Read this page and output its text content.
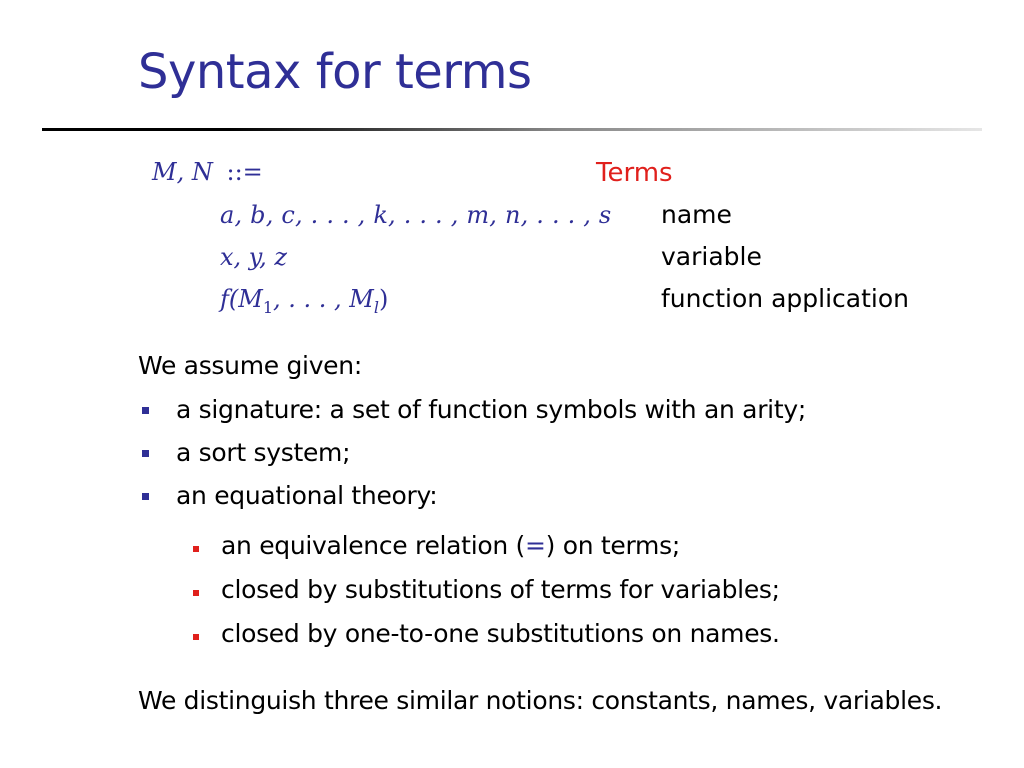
Syntax for terms
M, N ::=	Terms
a, b, c, . . . , k, . . . , m, n, . . . , s name
x, y, z	variable
$f(M_1$, . . . , $M_l$)	function application
We assume given:
a signature: a set of function symbols with an arity;
a sort system;
an equational theory:
an equivalence relation (=) on terms;
closed by substitutions of terms for variables;
closed by one-to-one substitutions on names.
We distinguish three similar notions: constants, names, variables.
